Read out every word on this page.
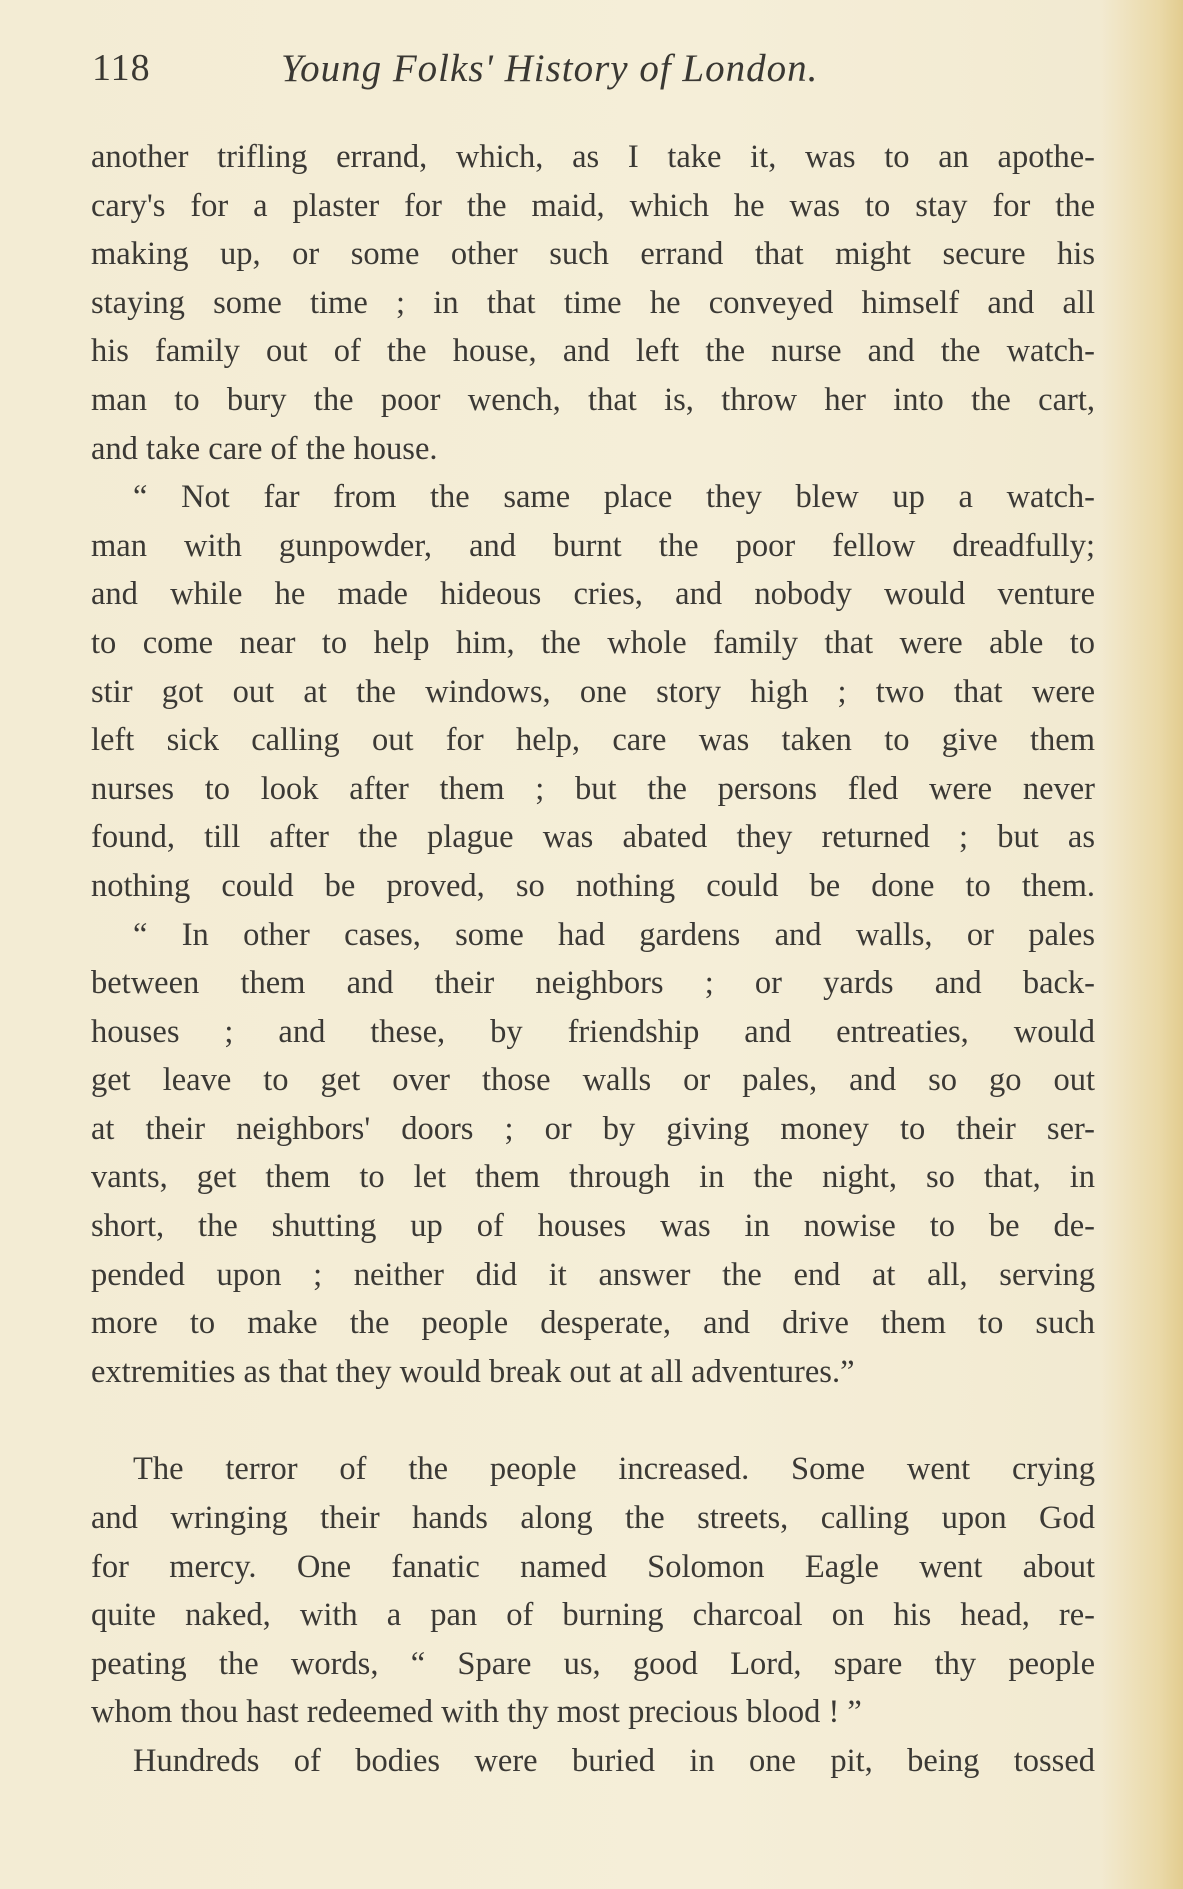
118	Young Folks' History of London.
another trifling errand, which, as I take it, was to an apothe-
cary's for a plaster for the maid, which he was to stay for the
making up, or some other such errand that might secure his
staying some time ; in that time he conveyed himself and all
his family out of the house, and left the nurse and the watch-
man to bury the poor wench, that is, throw her into the cart,
and take care of the house.
“ Not far from the same place they blew up a watch-
man with gunpowder, and burnt the poor fellow dreadfully;
and while he made hideous cries, and nobody would venture
to come near to help him, the whole family that were able to
stir got out at the windows, one story high ; two that were
left sick calling out for help, care was taken to give them
nurses to look after them ; but the persons fled were never
found, till after the plague was abated they returned ; but as
nothing could be proved, so nothing could be done to them.
“ In other cases, some had gardens and walls, or pales
between them and their neighbors ; or yards and back-
houses ; and these, by friendship and entreaties, would
get leave to get over those walls or pales, and so go out
at their neighbors' doors ; or by giving money to their ser-
vants, get them to let them through in the night, so that, in
short, the shutting up of houses was in nowise to be de-
pended upon ; neither did it answer the end at all, serving
more to make the people desperate, and drive them to such
extremities as that they would break out at all adventures.”
The terror of the people increased. Some went crying
and wringing their hands along the streets, calling upon God
for mercy. One fanatic named Solomon Eagle went about
quite naked, with a pan of burning charcoal on his head, re-
peating the words, “ Spare us, good Lord, spare thy people
whom thou hast redeemed with thy most precious blood ! ”
Hundreds of bodies were buried in one pit, being tossed
